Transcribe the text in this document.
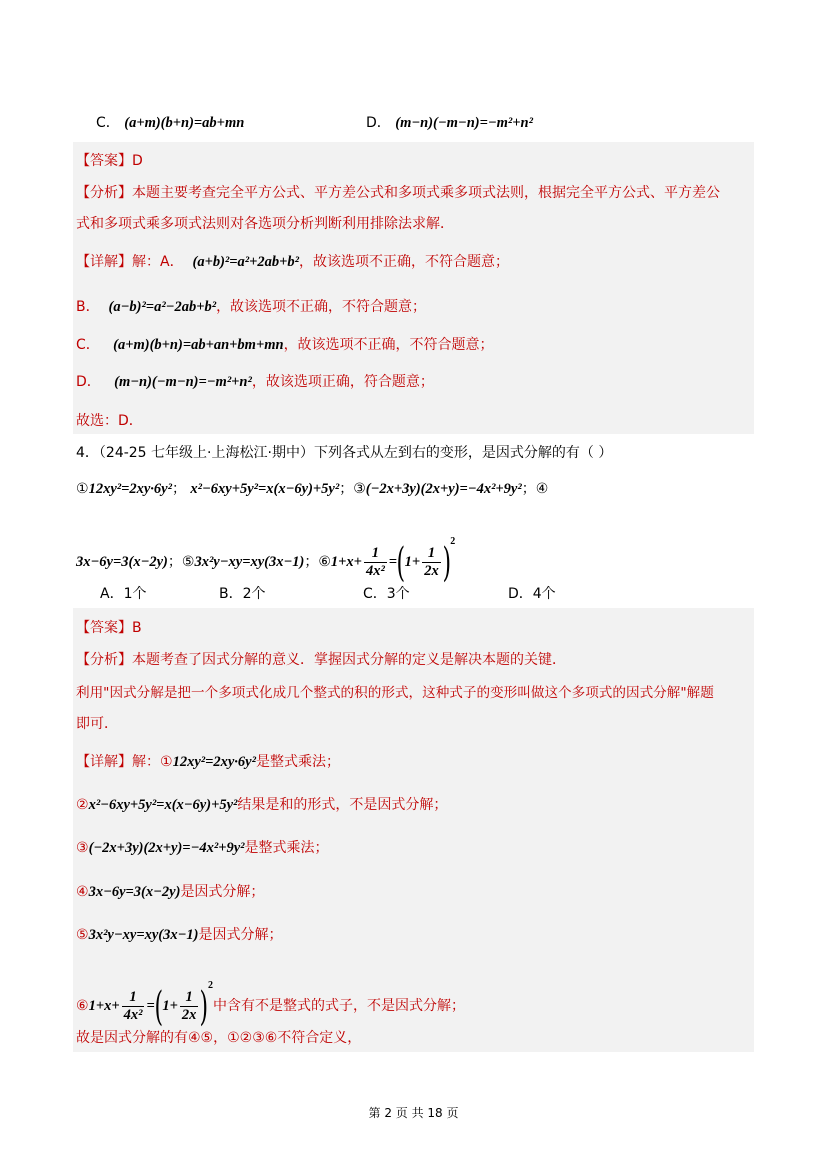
C． (a+m)(b+n)=ab+mn	D． (m−n)(−m−n)=−m²+n²
【答案】D
【分析】本题主要考查完全平方公式、平方差公式和多项式乘多项式法则，根据完全平方公式、平方差公
式和多项式乘多项式法则对各选项分析判断利用排除法求解．
【详解】解：A． (a+b)²=a²+2ab+b²，故该选项不正确，不符合题意；
B． (a−b)²=a²−2ab+b²，故该选项不正确，不符合题意；
C． (a+m)(b+n)=ab+an+bm+mn，故该选项不正确，不符合题意；
D． (m−n)(−m−n)=−m²+n²，故该选项正确，符合题意；
故选：D．
4．（24-25 七年级上·上海松江·期中）下列各式从左到右的变形，是因式分解的有（ ）
①12xy²=2xy·6y²； x²−6xy+5y²=x(x−6y)+5y²；③(−2x+3y)(2x+y)=−4x²+9y²；④
3x−6y=3(x−2y)；⑤3x²y−xy=xy(3x−1)；⑥1+x+ $\frac{1}{\text{4x²}} =(1+ \frac{1}{2x} )^2$
A．1个	B．2个	C．3个	D．4个
【答案】B
【分析】本题考查了因式分解的意义．掌握因式分解的定义是解决本题的关键．
利用"因式分解是把一个多项式化成几个整式的积的形式，这种式子的变形叫做这个多项式的因式分解"解题
即可．
【详解】解：①12xy²=2xy·6y²是整式乘法；
②x²−6xy+5y²=x(x−6y)+5y²结果是和的形式，不是因式分解；
③(−2x+3y)(2x+y)=−4x²+9y²是整式乘法；
④3x−6y=3(x−2y)是因式分解；
⑤3x²y−xy=xy(3x−1)是因式分解；
⑥1+x+ $\frac{1}{\text{4x²}} =(1+ \frac{1}{2x} )^2$中含有不是整式的式子，不是因式分解；
故是因式分解的有④⑤，①②③⑥不符合定义，
第 2 页 共 18 页
